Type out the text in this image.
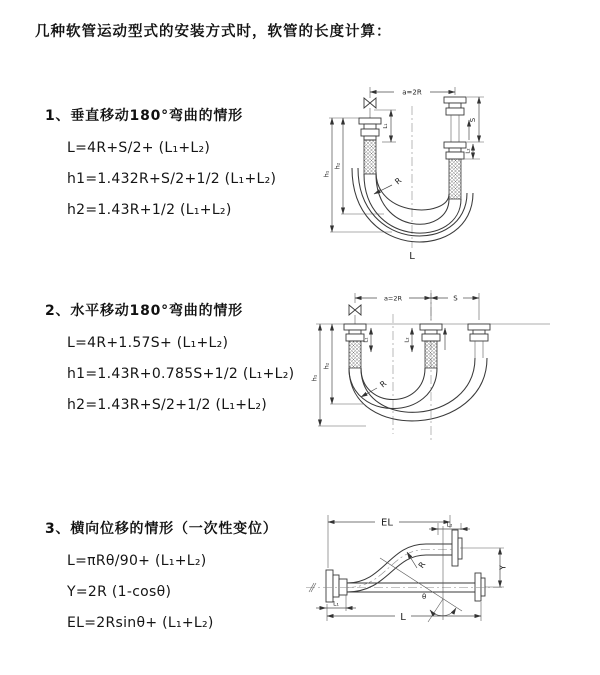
几种软管运动型式的安装方式时，软管的长度计算：
1、垂直移动180°弯曲的情形
L=4R+S/2+ (L₁+L₂)
h1=1.432R+S/2+1/2 (L₁+L₂)
h2=1.43R+1/2 (L₁+L₂)
a=2R
S
L₂
L₁
h₁
h₂
R
L
2、水平移动180°弯曲的情形
L=4R+1.57S+ (L₁+L₂)
h1=1.43R+0.785S+1/2 (L₁+L₂)
h2=1.43R+S/2+1/2 (L₁+L₂)
a=2R	S
h₁
h₂
R
L₁	L₂
3、横向位移的情形（一次性变位）
L=πRθ/90+ (L₁+L₂)
Y=2R (1-cosθ)
EL=2Rsinθ+ (L₁+L₂)
EL	L₂
Y
θ
R
L
L₁
